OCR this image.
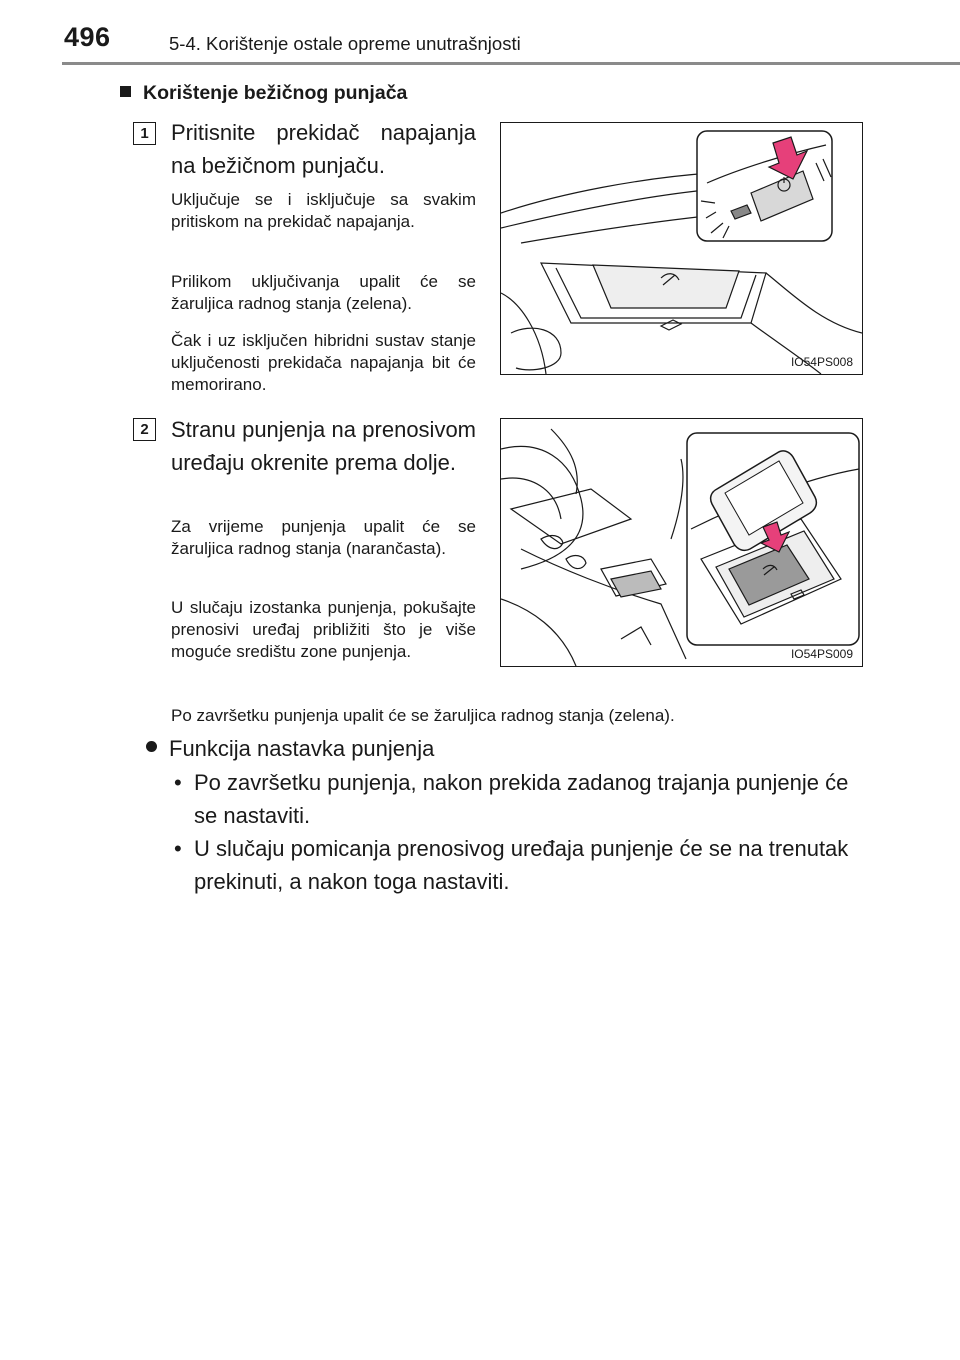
496	5-4. Korištenje ostale opreme unutrašnjosti
Korištenje bežičnog punjača
1	Pritisnite prekidač napajanja na bežičnom punjaču.
Uključuje se i isključuje sa svakim pritiskom na prekidač napajanja.
Prilikom uključivanja upalit će se žaruljica radnog stanja (zelena).
Čak i uz isključen hibridni sustav stanje uključenosti prekidača napajanja bit će memorirano.
IO54PS008
2	Stranu punjenja na prenosivom uređaju okrenite prema dolje.
Za vrijeme punjenja upalit će se žaruljica radnog stanja (narančasta).
U slučaju izostanka punjenja, pokušajte prenosivi uređaj približiti što je više moguće središtu zone punjenja.	IO54PS009
Po završetku punjenja upalit će se žaruljica radnog stanja (zelena).
Funkcija nastavka punjenja
• Po završetku punjenja, nakon prekida zadanog trajanja punjenje će se nastaviti.
• U slučaju pomicanja prenosivog uređaja punjenje će se na trenutak prekinuti, a nakon toga nastaviti.
